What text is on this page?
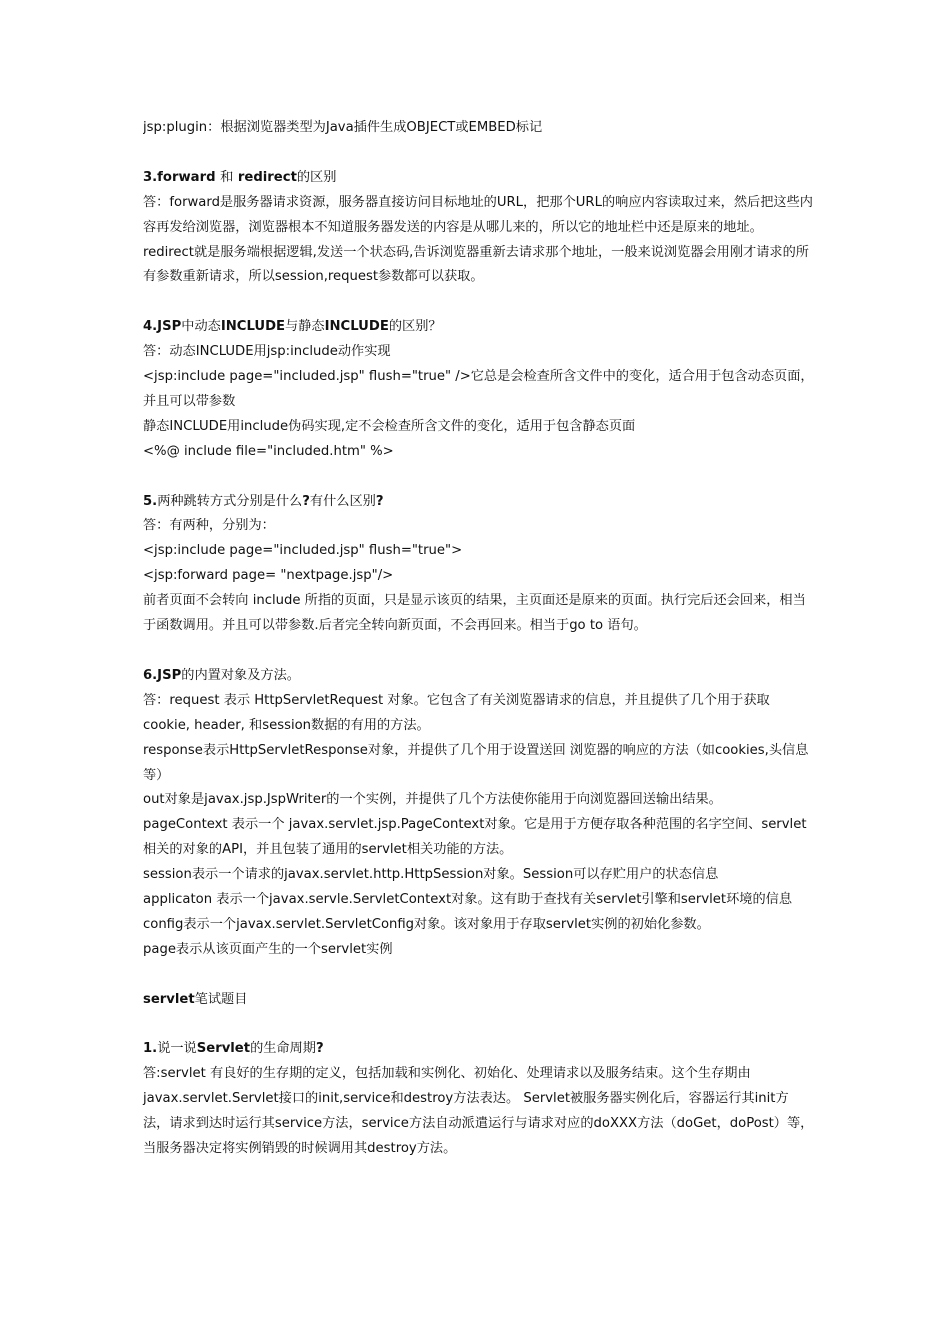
jsp:plugin：根据浏览器类型为Java插件生成OBJECT或EMBED标记
3.forward 和 redirect的区别
答：forward是服务器请求资源，服务器直接访问目标地址的URL，把那个URL的响应内容读取过来，然后把这些内容再发给浏览器，浏览器根本不知道服务器发送的内容是从哪儿来的，所以它的地址栏中还是原来的地址。
redirect就是服务端根据逻辑,发送一个状态码,告诉浏览器重新去请求那个地址，一般来说浏览器会用刚才请求的所有参数重新请求，所以session,request参数都可以获取。
4.JSP中动态INCLUDE与静态INCLUDE的区别？
答：动态INCLUDE用jsp:include动作实现
<jsp:include page="included.jsp" flush="true" />它总是会检查所含文件中的变化，适合用于包含动态页面，并且可以带参数
静态INCLUDE用include伪码实现,定不会检查所含文件的变化，适用于包含静态页面
<%@ include file="included.htm" %>
5.两种跳转方式分别是什么?有什么区别?
答：有两种，分别为：
<jsp:include page="included.jsp" flush="true">
<jsp:forward page= "nextpage.jsp"/>
前者页面不会转向 include 所指的页面，只是显示该页的结果，主页面还是原来的页面。执行完后还会回来，相当于函数调用。并且可以带参数.后者完全转向新页面，不会再回来。相当于go to 语句。
6.JSP的内置对象及方法。
答：request 表示 HttpServletRequest 对象。它包含了有关浏览器请求的信息，并且提供了几个用于获取cookie, header, 和session数据的有用的方法。
response表示HttpServletResponse对象，并提供了几个用于设置送回 浏览器的响应的方法（如cookies,头信息等）
out对象是javax.jsp.JspWriter的一个实例，并提供了几个方法使你能用于向浏览器回送输出结果。
pageContext 表示一个 javax.servlet.jsp.PageContext对象。它是用于方便存取各种范围的名字空间、servlet相关的对象的API，并且包装了通用的servlet相关功能的方法。
session表示一个请求的javax.servlet.http.HttpSession对象。Session可以存贮用户的状态信息
applicaton 表示一个javax.servle.ServletContext对象。这有助于查找有关servlet引擎和servlet环境的信息
config表示一个javax.servlet.ServletConfig对象。该对象用于存取servlet实例的初始化参数。
page表示从该页面产生的一个servlet实例
servlet笔试题目
1.说一说Servlet的生命周期?
答:servlet 有良好的生存期的定义，包括加载和实例化、初始化、处理请求以及服务结束。这个生存期由javax.servlet.Servlet接口的init,service和destroy方法表达。 Servlet被服务器实例化后，容器运行其init方法，请求到达时运行其service方法，service方法自动派遣运行与请求对应的doXXX方法（doGet，doPost）等，当服务器决定将实例销毁的时候调用其destroy方法。
